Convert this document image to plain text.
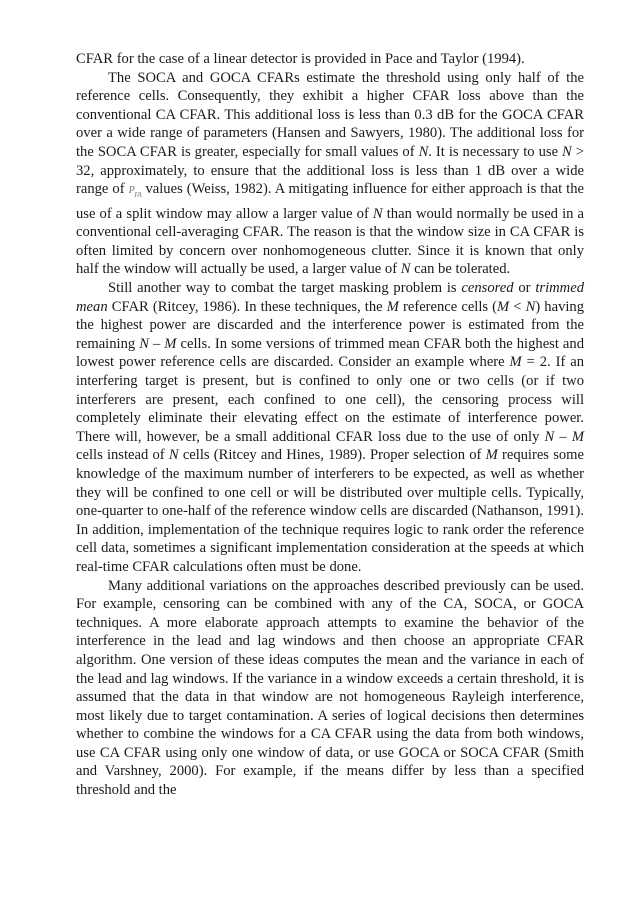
CFAR for the case of a linear detector is provided in Pace and Taylor (1994).

The SOCA and GOCA CFARs estimate the threshold using only half of the reference cells. Consequently, they exhibit a higher CFAR loss above than the conventional CA CFAR. This additional loss is less than 0.3 dB for the GOCA CFAR over a wide range of parameters (Hansen and Sawyers, 1980). The additional loss for the SOCA CFAR is greater, especially for small values of N. It is necessary to use N > 32, approximately, to ensure that the additional loss is less than 1 dB over a wide range of $P_{FA}$ values (Weiss, 1982). A mitigating influence for either approach is that the use of a split window may allow a larger value of N than would normally be used in a conventional cell-averaging CFAR. The reason is that the window size in CA CFAR is often limited by concern over nonhomogeneous clutter. Since it is known that only half the window will actually be used, a larger value of N can be tolerated.

Still another way to combat the target masking problem is censored or trimmed mean CFAR (Ritcey, 1986). In these techniques, the M reference cells (M < N) having the highest power are discarded and the interference power is estimated from the remaining N – M cells. In some versions of trimmed mean CFAR both the highest and lowest power reference cells are discarded. Consider an example where M = 2. If an interfering target is present, but is confined to only one or two cells (or if two interferers are present, each confined to one cell), the censoring process will completely eliminate their elevating effect on the estimate of interference power. There will, however, be a small additional CFAR loss due to the use of only N – M cells instead of N cells (Ritcey and Hines, 1989). Proper selection of M requires some knowledge of the maximum number of interferers to be expected, as well as whether they will be confined to one cell or will be distributed over multiple cells. Typically, one-quarter to one-half of the reference window cells are discarded (Nathanson, 1991). In addition, implementation of the technique requires logic to rank order the reference cell data, sometimes a significant implementation consideration at the speeds at which real-time CFAR calculations often must be done.

Many additional variations on the approaches described previously can be used. For example, censoring can be combined with any of the CA, SOCA, or GOCA techniques. A more elaborate approach attempts to examine the behavior of the interference in the lead and lag windows and then choose an appropriate CFAR algorithm. One version of these ideas computes the mean and the variance in each of the lead and lag windows. If the variance in a window exceeds a certain threshold, it is assumed that the data in that window are not homogeneous Rayleigh interference, most likely due to target contamination. A series of logical decisions then determines whether to combine the windows for a CA CFAR using the data from both windows, use CA CFAR using only one window of data, or use GOCA or SOCA CFAR (Smith and Varshney, 2000). For example, if the means differ by less than a specified threshold and the
